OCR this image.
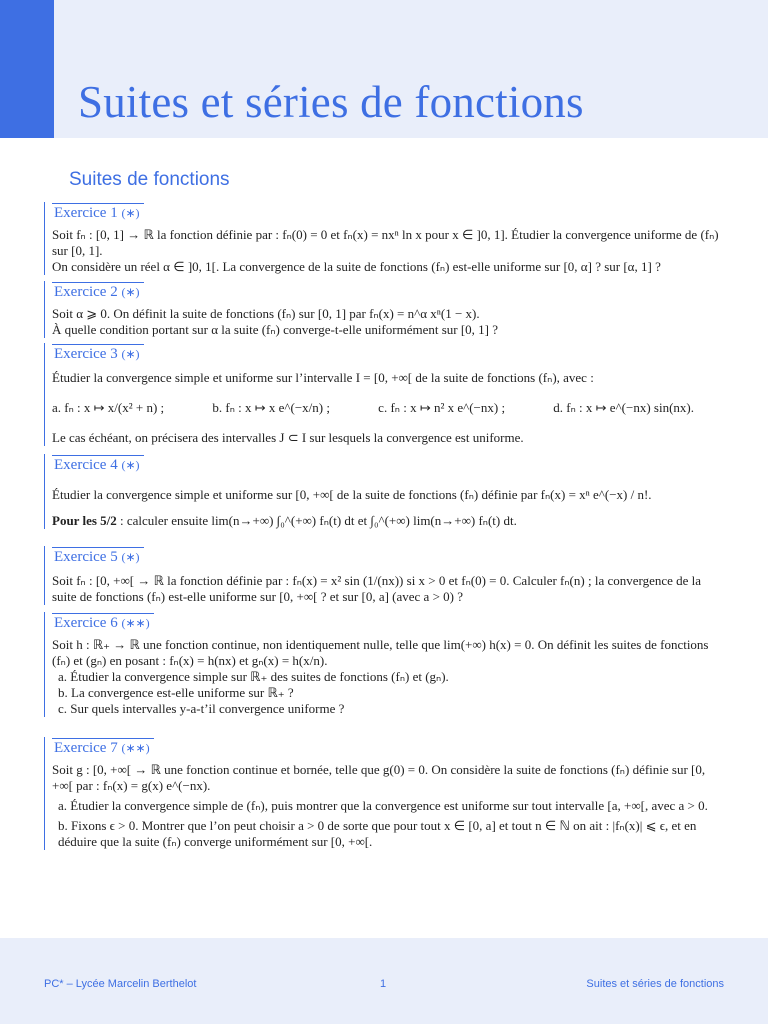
Suites et séries de fonctions
Suites de fonctions
Exercice 1 (∗)

Soit fₙ : [0, 1] → ℝ la fonction définie par : fₙ(0) = 0 et fₙ(x) = nxⁿ ln x pour x ∈ ]0, 1]. Étudier la convergence uniforme de (fₙ) sur [0, 1].

On considère un réel α ∈ ]0, 1[. La convergence de la suite de fonctions (fₙ) est-elle uniforme sur [0, α] ? sur [α, 1] ?

Exercice 2 (∗)

Soit α ⩾ 0. On définit la suite de fonctions (fₙ) sur [0, 1] par fₙ(x) = n^α xⁿ(1 − x).

À quelle condition portant sur α la suite (fₙ) converge-t-elle uniformément sur [0, 1] ?

Exercice 3 (∗)

Étudier la convergence simple et uniforme sur l’intervalle I = [0, +∞[ de la suite de fonctions (fₙ), avec :

a. fₙ : x ↦ x/(x² + n) ;	b. fₙ : x ↦ x e^(−x/n) ;	c. fₙ : x ↦ n² x e^(−nx) ;	d. fₙ : x ↦ e^(−nx) sin(nx).

Le cas échéant, on précisera des intervalles J ⊂ I sur lesquels la convergence est uniforme.

Exercice 4 (∗)

Étudier la convergence simple et uniforme sur [0, +∞[ de la suite de fonctions (fₙ) définie par fₙ(x) = xⁿ e^(−x) / n!.

Pour les 5/2 : calculer ensuite lim(n→+∞) ∫₀^(+∞) fₙ(t) dt et ∫₀^(+∞) lim(n→+∞) fₙ(t) dt.

Exercice 5 (∗)

Soit fₙ : [0, +∞[ → ℝ la fonction définie par : fₙ(x) = x² sin (1/(nx)) si x > 0 et fₙ(0) = 0. Calculer fₙ(n) ; la convergence de la suite de fonctions (fₙ) est-elle uniforme sur [0, +∞[ ? et sur [0, a] (avec a > 0) ?

Exercice 6 (∗∗)

Soit h : ℝ₊ → ℝ une fonction continue, non identiquement nulle, telle que lim(+∞) h(x) = 0. On définit les suites de fonctions (fₙ) et (gₙ) en posant : fₙ(x) = h(nx) et gₙ(x) = h(x/n).

a. Étudier la convergence simple sur ℝ₊ des suites de fonctions (fₙ) et (gₙ).

b. La convergence est-elle uniforme sur ℝ₊ ?

c. Sur quels intervalles y-a-t’il convergence uniforme ?

Exercice 7 (∗∗)

Soit g : [0, +∞[ → ℝ une fonction continue et bornée, telle que g(0) = 0. On considère la suite de fonctions (fₙ) définie sur [0, +∞[ par : fₙ(x) = g(x) e^(−nx).

a. Étudier la convergence simple de (fₙ), puis montrer que la convergence est uniforme sur tout intervalle [a, +∞[, avec a > 0.

b. Fixons ϵ > 0. Montrer que l’on peut choisir a > 0 de sorte que pour tout x ∈ [0, a] et tout n ∈ ℕ on ait : |fₙ(x)| ⩽ ϵ, et en déduire que la suite (fₙ) converge uniformément sur [0, +∞[.

PC* – Lycée Marcelin Berthelot	1	Suites et séries de fonctions
